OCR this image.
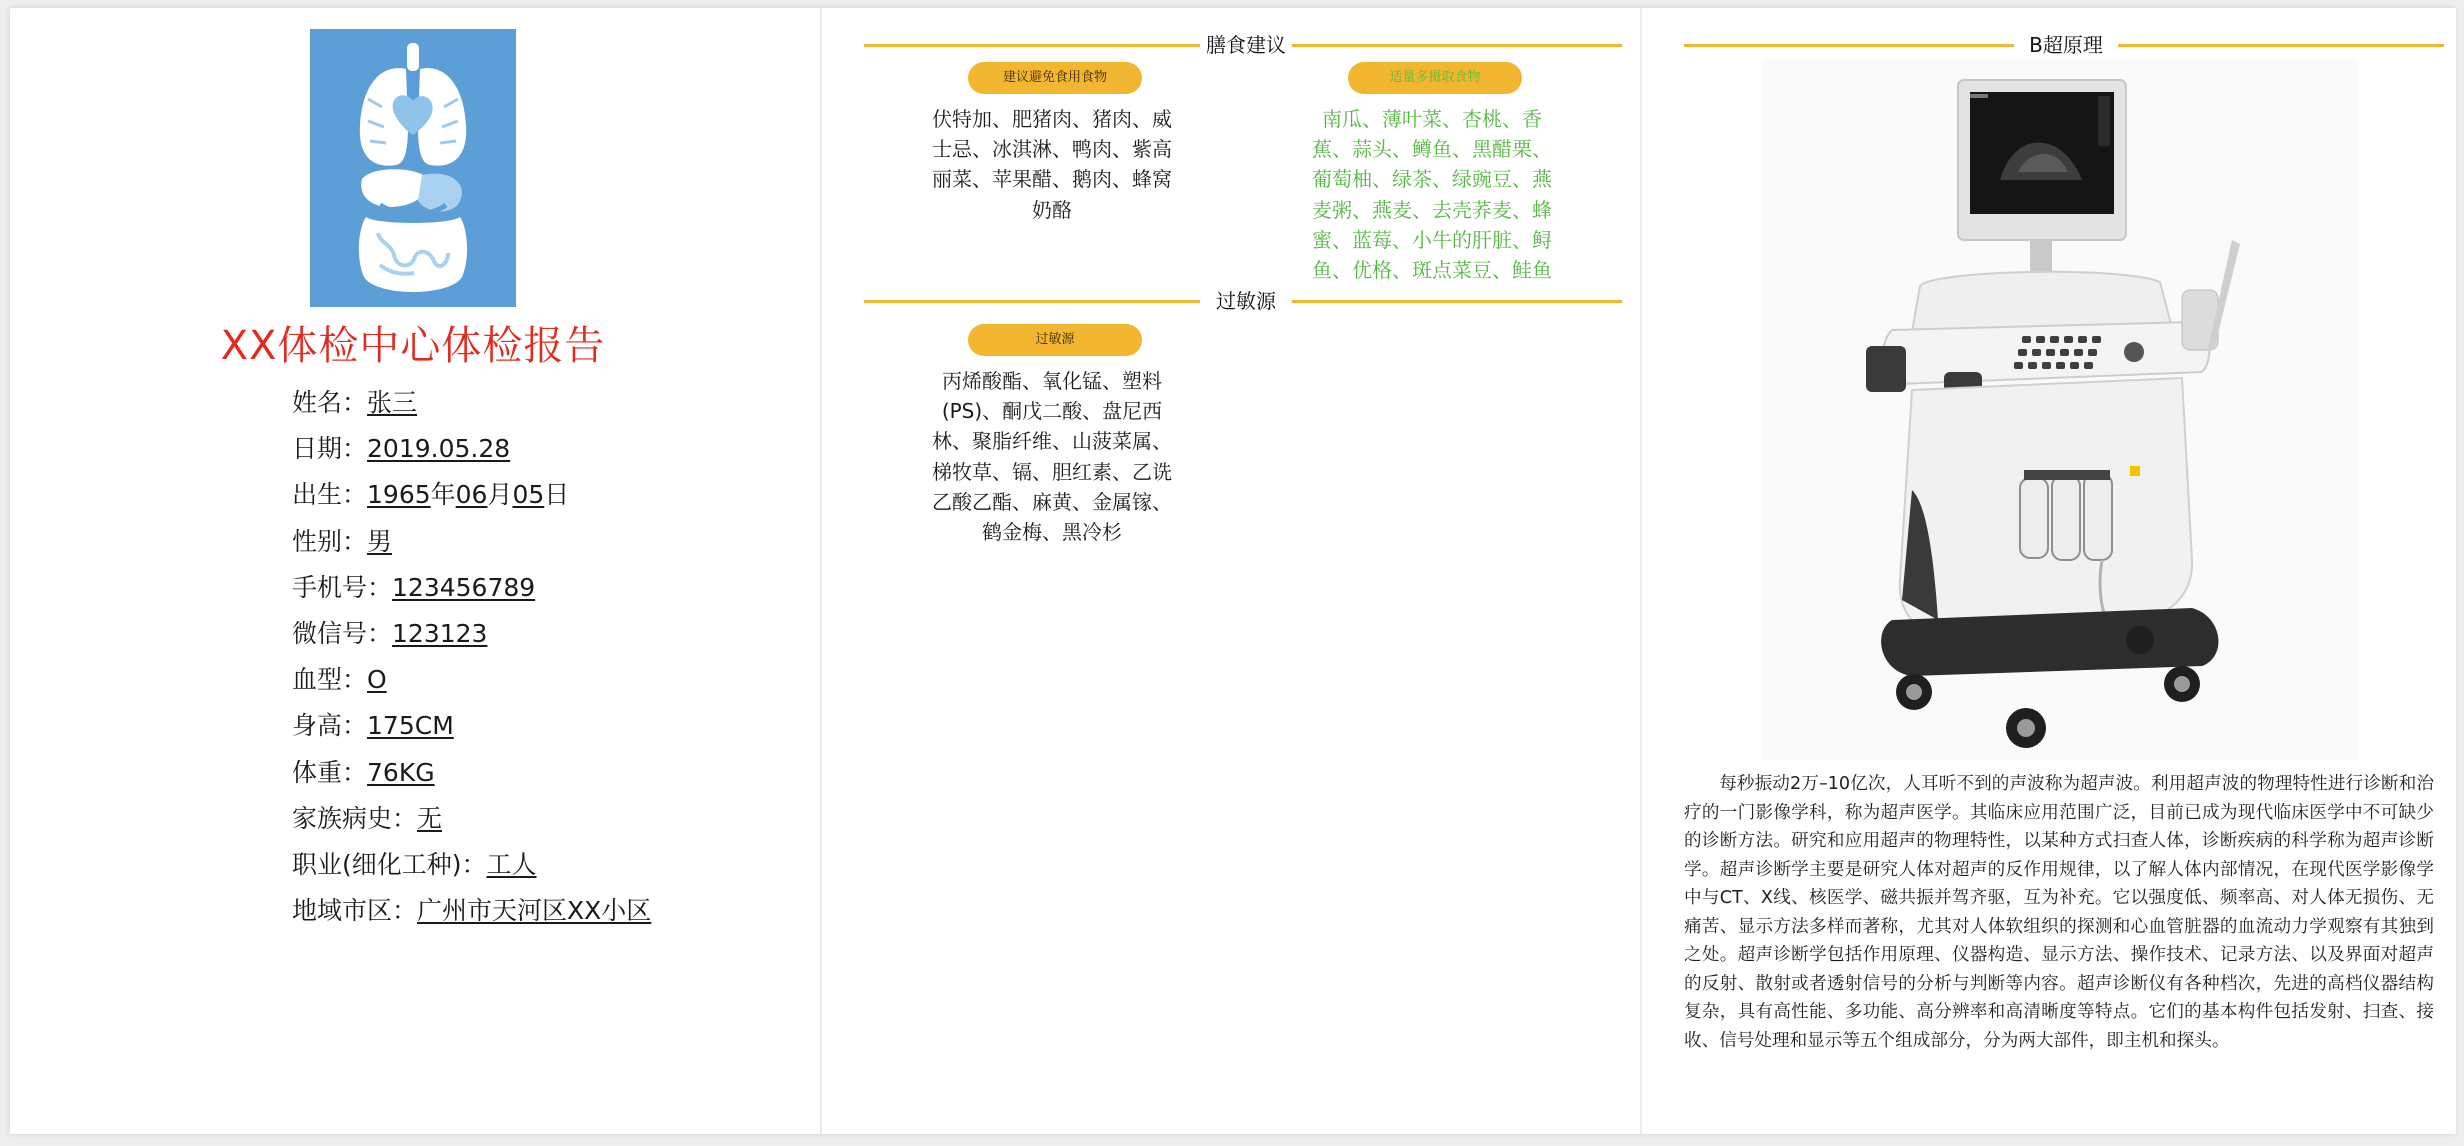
XX体检中心体检报告
姓名：张三
日期：2019.05.28
出生：1965年06月05日
性别：男
手机号：123456789
微信号：123123
血型：O
身高：175CM
体重：76KG
家族病史：无
职业(细化工种)：工人
地域市区：广州市天河区XX小区
膳食建议
建议避免食用食物
伏特加、肥猪肉、猪肉、威士忌、冰淇淋、鸭肉、紫高丽菜、苹果醋、鹅肉、蜂窝奶酪
适量多摄取食物
南瓜、薄叶菜、杏桃、香蕉、蒜头、鳟鱼、黑醋栗、葡萄柚、绿茶、绿豌豆、燕麦粥、燕麦、去壳荞麦、蜂蜜、蓝莓、小牛的肝脏、鲟鱼、优格、斑点菜豆、鲑鱼
过敏源
过敏源
丙烯酸酯、氧化锰、塑料(PS)、酮戊二酸、盘尼西林、聚脂纤维、山菠菜属、梯牧草、镉、胆红素、乙诜乙酸乙酯、麻黄、金属镓、鹤金梅、黑冷杉
B超原理
每秒振动2万–10亿次，人耳听不到的声波称为超声波。利用超声波的物理特性进行诊断和治疗的一门影像学科，称为超声医学。其临床应用范围广泛，目前已成为现代临床医学中不可缺少的诊断方法。研究和应用超声的物理特性，以某种方式扫查人体，诊断疾病的科学称为超声诊断学。超声诊断学主要是研究人体对超声的反作用规律，以了解人体内部情况，在现代医学影像学中与CT、X线、核医学、磁共振并驾齐驱，互为补充。它以强度低、频率高、对人体无损伤、无痛苦、显示方法多样而著称，尤其对人体软组织的探测和心血管脏器的血流动力学观察有其独到之处。超声诊断学包括作用原理、仪器构造、显示方法、操作技术、记录方法、以及界面对超声的反射、散射或者透射信号的分析与判断等内容。超声诊断仪有各种档次，先进的高档仪器结构复杂，具有高性能、多功能、高分辨率和高清晰度等特点。它们的基本构件包括发射、扫查、接收、信号处理和显示等五个组成部分，分为两大部件，即主机和探头。
